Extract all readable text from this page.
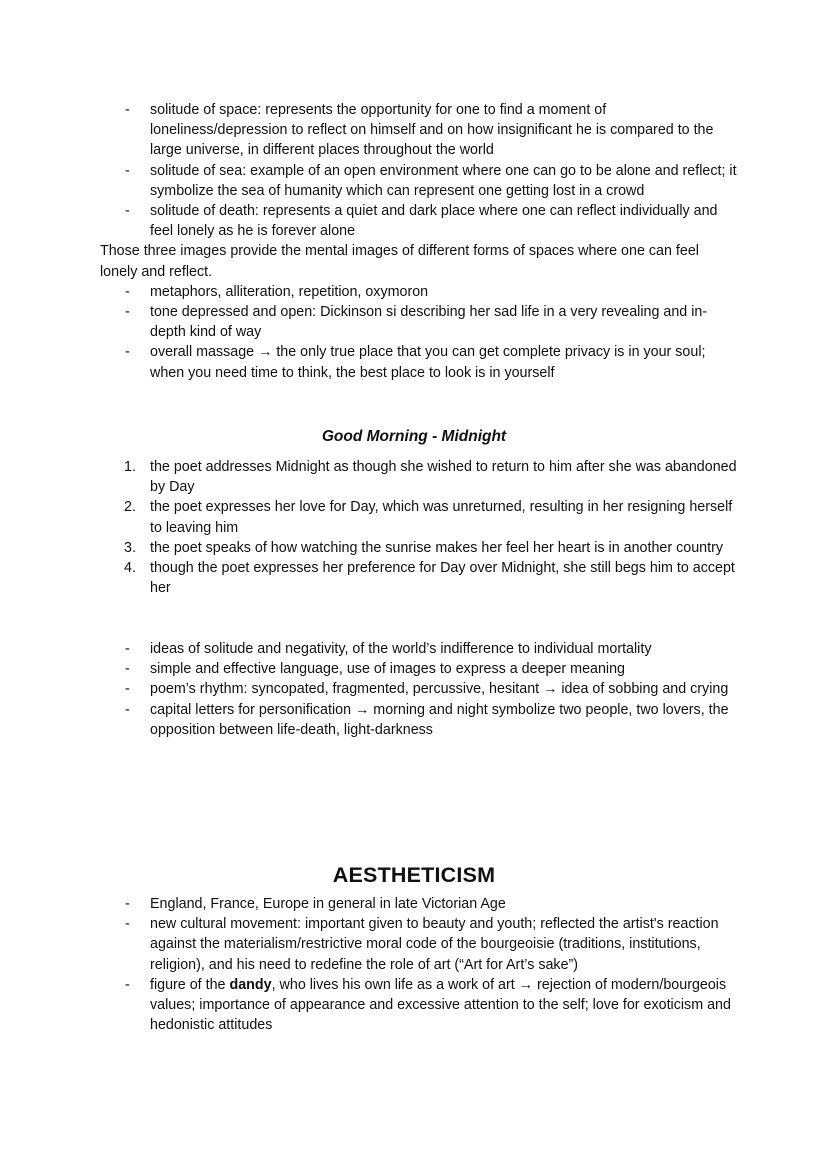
- solitude of space: represents the opportunity for one to find a moment of loneliness/depression to reflect on himself and on how insignificant he is compared to the large universe, in different places throughout the world
- solitude of sea: example of an open environment where one can go to be alone and reflect; it symbolize the sea of humanity which can represent one getting lost in a crowd
- solitude of death: represents a quiet and dark place where one can reflect individually and feel lonely as he is forever alone

Those three images provide the mental images of different forms of spaces where one can feel lonely and reflect.

- metaphors, alliteration, repetition, oxymoron
- tone depressed and open: Dickinson si describing her sad life in a very revealing and in-depth kind of way
- overall massage → the only true place that you can get complete privacy is in your soul; when you need time to think, the best place to look is in yourself
Good Morning - Midnight
1. the poet addresses Midnight as though she wished to return to him after she was abandoned by Day
2. the poet expresses her love for Day, which was unreturned, resulting in her resigning herself to leaving him
3. the poet speaks of how watching the sunrise makes her feel her heart is in another country
4. though the poet expresses her preference for Day over Midnight, she still begs him to accept her
- ideas of solitude and negativity, of the world’s indifference to individual mortality
- simple and effective language, use of images to express a deeper meaning
- poem’s rhythm: syncopated, fragmented, percussive, hesitant → idea of sobbing and crying
- capital letters for personification → morning and night symbolize two people, two lovers, the opposition between life-death, light-darkness
AESTHETICISM
- England, France, Europe in general in late Victorian Age
- new cultural movement: important given to beauty and youth; reflected the artist's reaction against the materialism/restrictive moral code of the bourgeoisie (traditions, institutions, religion), and his need to redefine the role of art (“Art for Art’s sake”)
- figure of the dandy, who lives his own life as a work of art → rejection of modern/bourgeois values; importance of appearance and excessive attention to the self; love for exoticism and hedonistic attitudes
